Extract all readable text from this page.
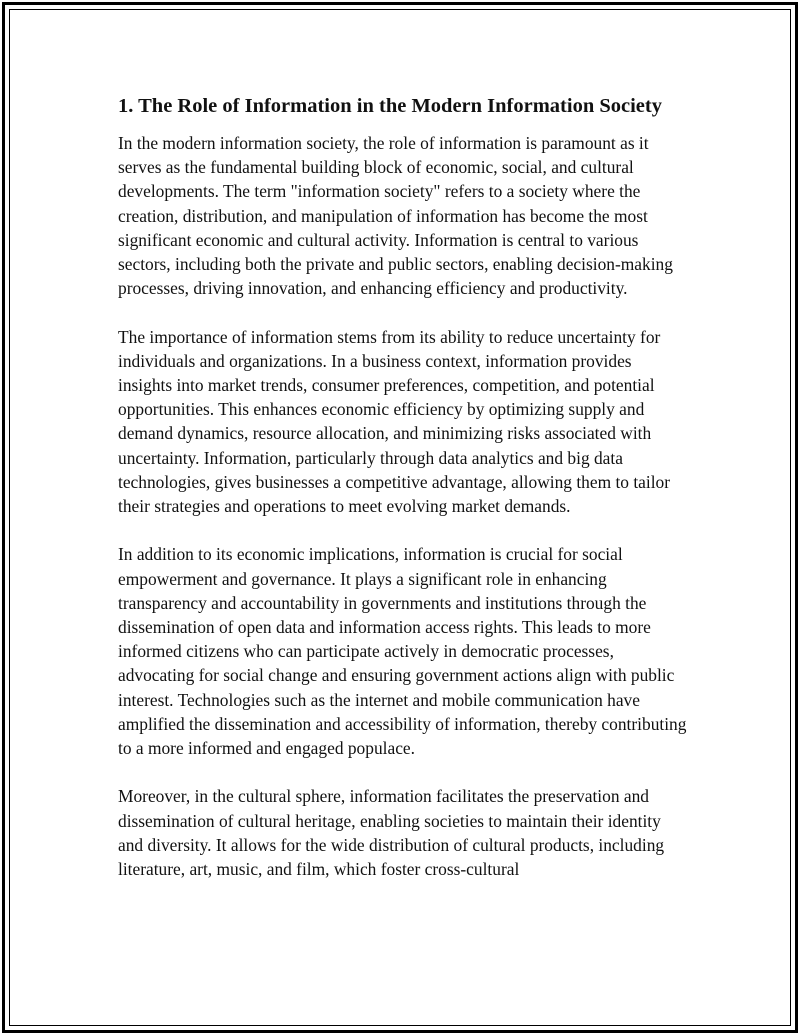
1. The Role of Information in the Modern Information Society

In the modern information society, the role of information is paramount as it serves as the fundamental building block of economic, social, and cultural developments. The term "information society" refers to a society where the creation, distribution, and manipulation of information has become the most significant economic and cultural activity. Information is central to various sectors, including both the private and public sectors, enabling decision-making processes, driving innovation, and enhancing efficiency and productivity.

The importance of information stems from its ability to reduce uncertainty for individuals and organizations. In a business context, information provides insights into market trends, consumer preferences, competition, and potential opportunities. This enhances economic efficiency by optimizing supply and demand dynamics, resource allocation, and minimizing risks associated with uncertainty. Information, particularly through data analytics and big data technologies, gives businesses a competitive advantage, allowing them to tailor their strategies and operations to meet evolving market demands.

In addition to its economic implications, information is crucial for social empowerment and governance. It plays a significant role in enhancing transparency and accountability in governments and institutions through the dissemination of open data and information access rights. This leads to more informed citizens who can participate actively in democratic processes, advocating for social change and ensuring government actions align with public interest. Technologies such as the internet and mobile communication have amplified the dissemination and accessibility of information, thereby contributing to a more informed and engaged populace.

Moreover, in the cultural sphere, information facilitates the preservation and dissemination of cultural heritage, enabling societies to maintain their identity and diversity. It allows for the wide distribution of cultural products, including literature, art, music, and film, which foster cross-cultural
